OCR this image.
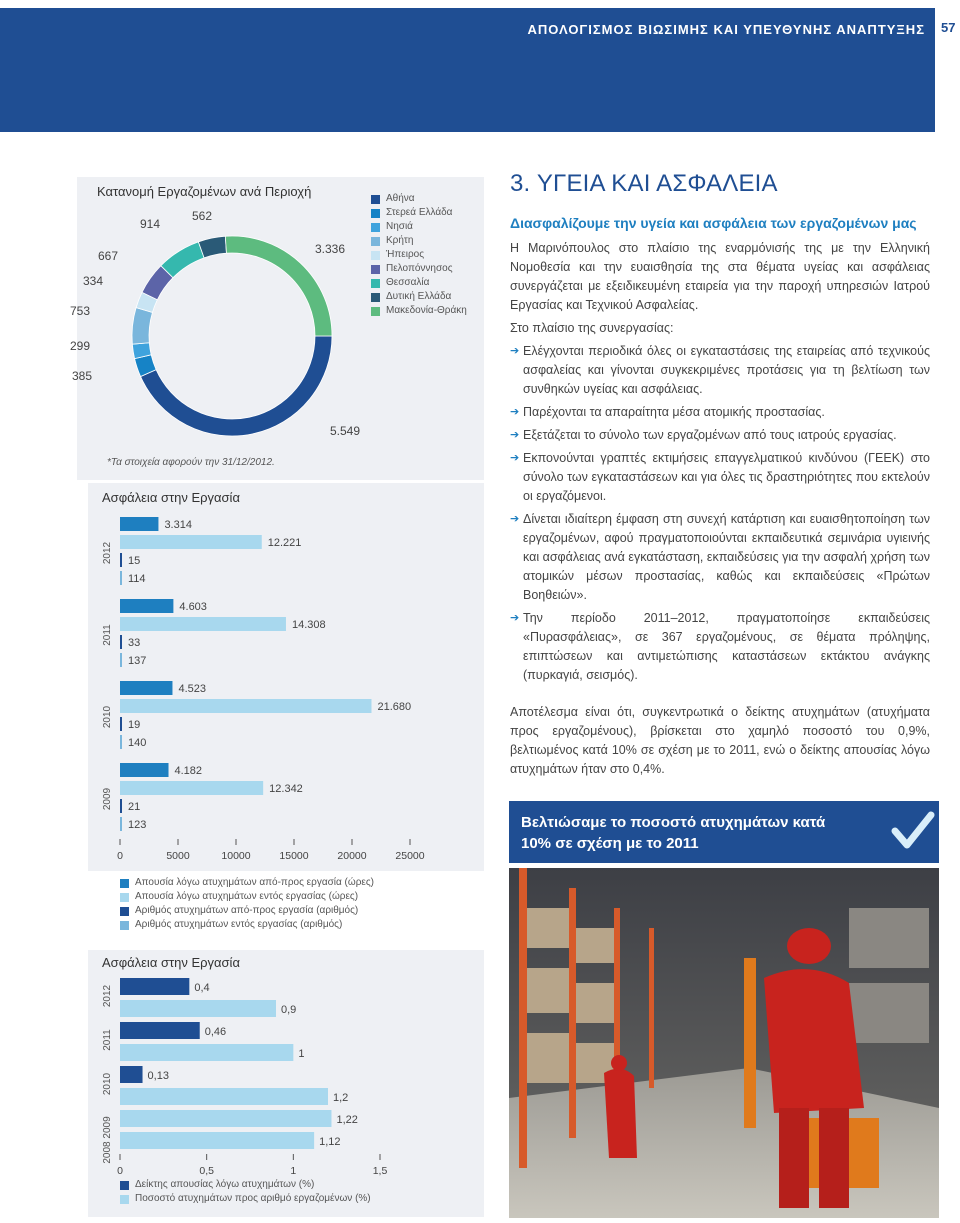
ΑΠΟΛΟΓΙΣΜΟΣ ΒΙΩΣΙΜΗΣ ΚΑΙ ΥΠΕΥΘΥΝΗΣ ΑΝΑΠΤΥΞΗΣ 57
Κατανομή Εργαζομένων ανά Περιοχή
5.549
385
299
753
334
667
914
562
3.336
Αθήνα
Στερεά Ελλάδα
Νησιά
Κρήτη
Ήπειρος
Πελοπόννησος
Θεσσαλία
Δυτική Ελλάδα
Μακεδονία-Θράκη
*Τα στοιχεία αφορούν την 31/12/2012.
Ασφάλεια στην Εργασία
2012
3.314
12.221
15
114
2011
4.603
14.308
33
137
2010
4.523
21.680
19
140
2009
4.182
12.342
21
123
0	5000	10000	15000	20000	25000
Απουσία λόγω ατυχημάτων από-προς εργασία (ώρες)
Απουσία λόγω ατυχημάτων εντός εργασίας (ώρες)
Αριθμός ατυχημάτων από-προς εργασία (αριθμός)
Αριθμός ατυχημάτων εντός εργασίας (αριθμός)
Ασφάλεια στην Εργασία
0,4
0,9
0,46
1
0,13
1,2
1,22
1,12
2012
2011
2010
2008 2009
0	0,5	1	1,5
Δείκτης απουσίας λόγω ατυχημάτων (%)
Ποσοστό ατυχημάτων προς αριθμό εργαζομένων (%)
3. ΥΓΕΙΑ ΚΑΙ ΑΣΦΑΛΕΙΑ
Διασφαλίζουμε την υγεία και ασφάλεια των εργαζομένων μας

Η Μαρινόπουλος στο πλαίσιο της εναρμόνισής της με την Ελληνική Νομοθεσία και την ευαισθησία της στα θέματα υγείας και ασφάλειας συνεργάζεται με εξειδικευμένη εταιρεία για την παροχή υπηρεσιών Ιατρού Εργασίας και Τεχνικού Ασφαλείας.

Στο πλαίσιο της συνεργασίας:

➔ Ελέγχονται περιοδικά όλες οι εγκαταστάσεις της εταιρείας από τεχνικούς ασφαλείας και γίνονται συγκεκριμένες προτάσεις για τη βελτίωση των συνθηκών υγείας και ασφάλειας.
➔ Παρέχονται τα απαραίτητα μέσα ατομικής προστασίας.
➔ Εξετάζεται το σύνολο των εργαζομένων από τους ιατρούς εργασίας.
➔ Εκπονούνται γραπτές εκτιμήσεις επαγγελματικού κινδύνου (ΓΕΕΚ) στο σύνολο των εγκαταστάσεων και για όλες τις δραστηριότητες που εκτελούν οι εργαζόμενοι.
➔ Δίνεται ιδιαίτερη έμφαση στη συνεχή κατάρτιση και ευαισθητοποίηση των εργαζομένων, αφού πραγματοποιούνται εκπαιδευτικά σεμινάρια υγιεινής και ασφάλειας ανά εγκατάσταση, εκπαιδεύσεις για την ασφαλή χρήση των ατομικών μέσων προστασίας, καθώς και εκπαιδεύσεις «Πρώτων Βοηθειών».
➔ Την περίοδο 2011–2012, πραγματοποίησε εκπαιδεύσεις «Πυρασφάλειας», σε 367 εργαζομένους, σε θέματα πρόληψης, επιπτώσεων και αντιμετώπισης καταστάσεων εκτάκτου ανάγκης (πυρκαγιά, σεισμός).

Αποτέλεσμα είναι ότι, συγκεντρωτικά ο δείκτης ατυχημάτων (ατυχήματα προς εργαζομένους), βρίσκεται στο χαμηλό ποσοστό του 0,9%, βελτιωμένος κατά 10% σε σχέση με το 2011, ενώ ο δείκτης απουσίας λόγω ατυχημάτων ήταν στο 0,4%.

Βελτιώσαμε το ποσοστό ατυχημάτων κατά
10% σε σχέση με το 2011
